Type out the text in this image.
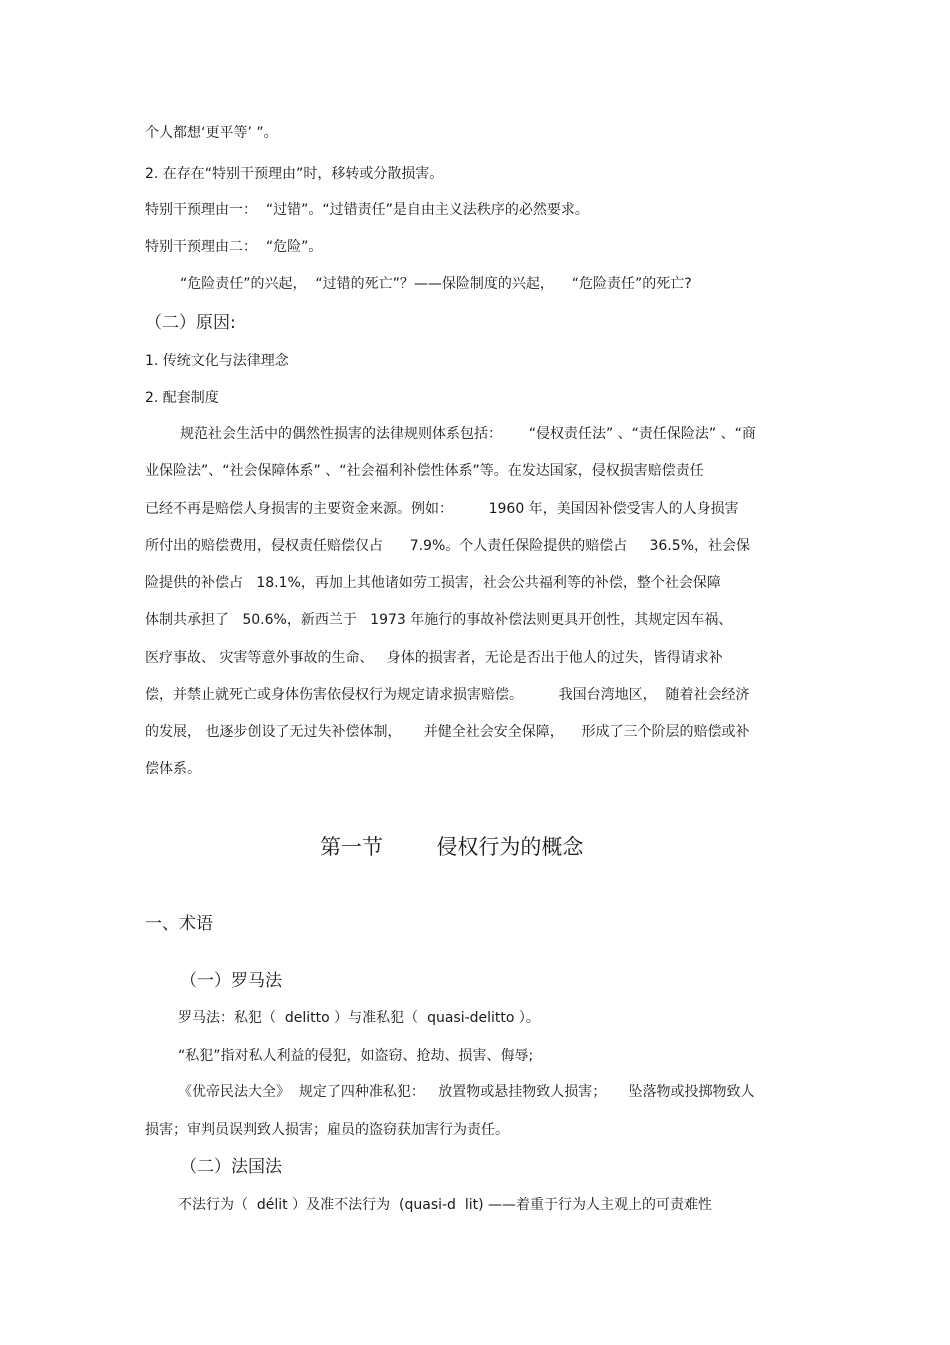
个人都想‘更平等’ ”。

2. 在存在“特别干预理由”时，移转或分散损害。

特别干预理由一：  “过错”。“过错责任”是自由主义法秩序的必然要求。

特别干预理由二：  “危险”。

“危险责任”的兴起，  “过错的死亡”？——保险制度的兴起，    “危险责任”的死亡?

（二）原因:

1. 传统文化与法律理念

2. 配套制度

规范社会生活中的偶然性损害的法律规则体系包括：      “侵权责任法” 、“责任保险法” 、“商

业保险法”、“社会保障体系” 、“社会福利补偿性体系”等。在发达国家，侵权损害赔偿责任

已经不再是赔偿人身损害的主要资金来源。例如：        1960 年，美国因补偿受害人的人身损害

所付出的赔偿费用，侵权责任赔偿仅占      7.9%。个人责任保险提供的赔偿占     36.5%，社会保

险提供的补偿占   18.1%，再加上其他诸如劳工损害，社会公共福利等的补偿，整个社会保障

体制共承担了   50.6%，新西兰于   1973 年施行的事故补偿法则更具开创性，其规定因车祸、

医疗事故、 灾害等意外事故的生命、   身体的损害者，无论是否出于他人的过失，皆得请求补

偿，并禁止就死亡或身体伤害依侵权行为规定请求损害赔偿。        我国台湾地区，  随着社会经济

的发展， 也逐步创设了无过失补偿体制，     并健全社会安全保障，    形成了三个阶层的赔偿或补

偿体系。

第一节        侵权行为的概念

一、术语

（一）罗马法

罗马法：私犯（  delitto ）与准私犯（  quasi-delitto ）。

“私犯”指对私人利益的侵犯，如盗窃、抢劫、损害、侮辱;

《优帝民法大全》  规定了四种准私犯：   放置物或悬挂物致人损害；     坠落物或投掷物致人

损害；审判员误判致人损害；雇员的盗窃获加害行为责任。

（二）法国法

不法行为（  délit ）及准不法行为  (quasi-d  lit) ——着重于行为人主观上的可责难性
